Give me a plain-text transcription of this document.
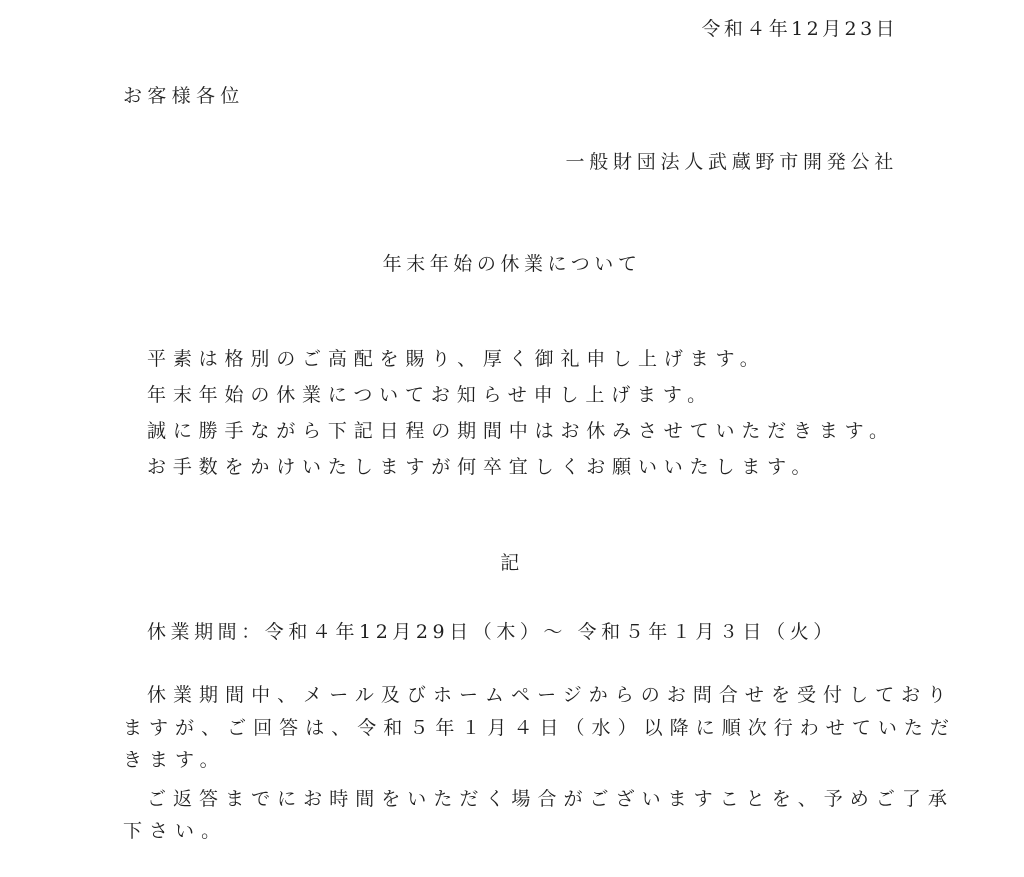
令和４年12月23日
お客様各位
一般財団法人武蔵野市開発公社
年末年始の休業について

平素は格別のご高配を賜り、厚く御礼申し上げます。

年末年始の休業についてお知らせ申し上げます。

誠に勝手ながら下記日程の期間中はお休みさせていただきます。

お手数をかけいたしますが何卒宜しくお願いいたします。

記
休業期間：令和４年12月29日（木）～ 令和５年１月３日（火）

休業期間中、メール及びホームページからのお問合せを受付しており

ますが、ご回答は、令和５年１月４日（水）以降に順次行わせていただ

きます。

ご返答までにお時間をいただく場合がございますことを、予めご了承

下さい。
